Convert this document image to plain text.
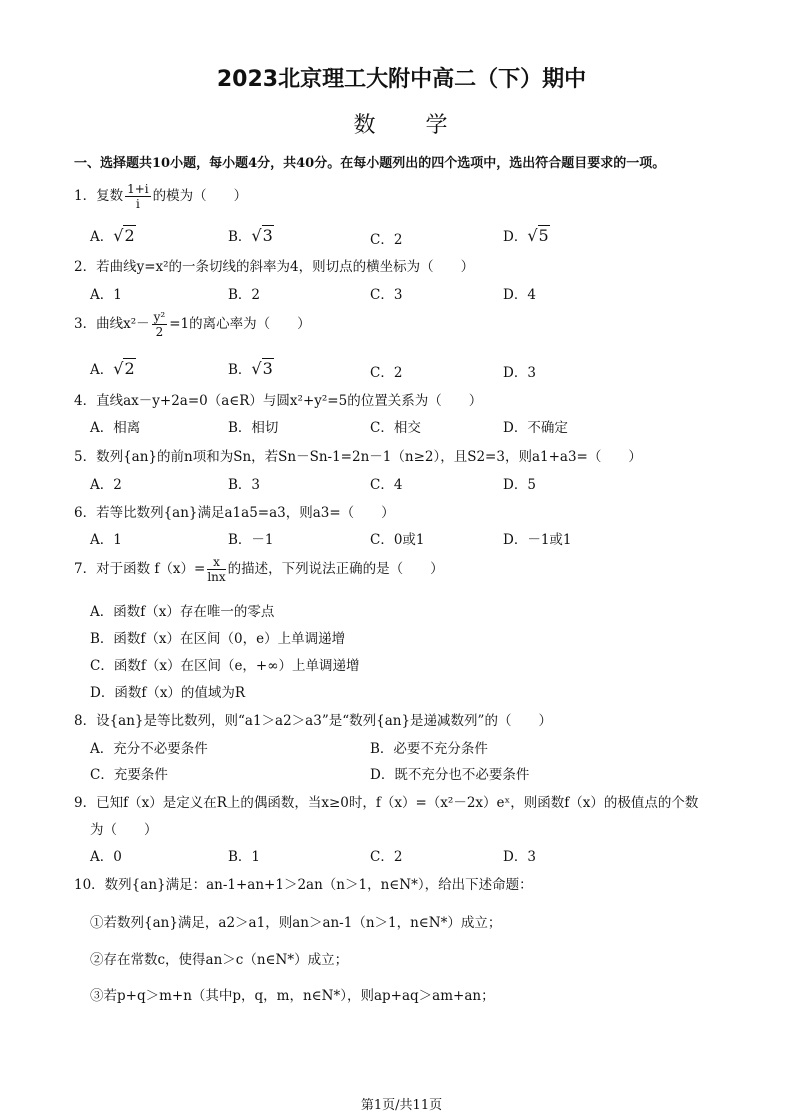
2023北京理工大附中高二（下）期中
数　　学
一、选择题共10小题，每小题4分，共40分。在每小题列出的四个选项中，选出符合题目要求的一项。
1．复数 $\frac{1+i}{i}$ 的模为（　　）
A．√2	B．√3	C．2	D．√5
2．若曲线y=x²的一条切线的斜率为4，则切点的横坐标为（　　）
A．1	B．2	C．3	D．4
3．曲线$x^2- \frac{\text{y²}}{2} =1$的离心率为（　　）
A．√2	B．√3	C．2	D．3
4．直线ax－y+2a=0（a∈R）与圆x²+y²=5的位置关系为（　　）
A．相离	B．相切	C．相交	D．不确定
5．数列{an}的前n项和为Sn，若Sn－Sn-1=2n－1（n≥2），且S2=3，则a1+a3=（　　）
A．2	B．3	C．4	D．5
6．若等比数列{an}满足a1a5=a3，则a3=（　　）
A．1	B．－1	C．0或1	D．－1或1
7．对于函数 $f(x)= \frac{x}{\ln x}$ 的描述，下列说法正确的是（　　）
A．函数f（x）存在唯一的零点
B．函数f（x）在区间（0，e）上单调递增
C．函数f（x）在区间（e，+∞）上单调递增
D．函数f（x）的值域为R
8．设{an}是等比数列，则“a1＞a2＞a3”是“数列{an}是递减数列”的（　　）
A．充分不必要条件	B．必要不充分条件
C．充要条件	D．既不充分也不必要条件
9．已知f（x）是定义在R上的偶函数，当x≥0时，f（x）=（x²－2x）eˣ，则函数f（x）的极值点的个数
为（　　）
A．0	B．1	C．2	D．3
10．数列{an}满足：an-1+an+1＞2an（n＞1，n∈N*），给出下述命题：
①若数列{an}满足，a2＞a1，则an＞an-1（n＞1，n∈N*）成立；
②存在常数c，使得an＞c（n∈N*）成立；
③若p+q＞m+n（其中p，q，m，n∈N*），则ap+aq＞am+an；
第1页/共11页
